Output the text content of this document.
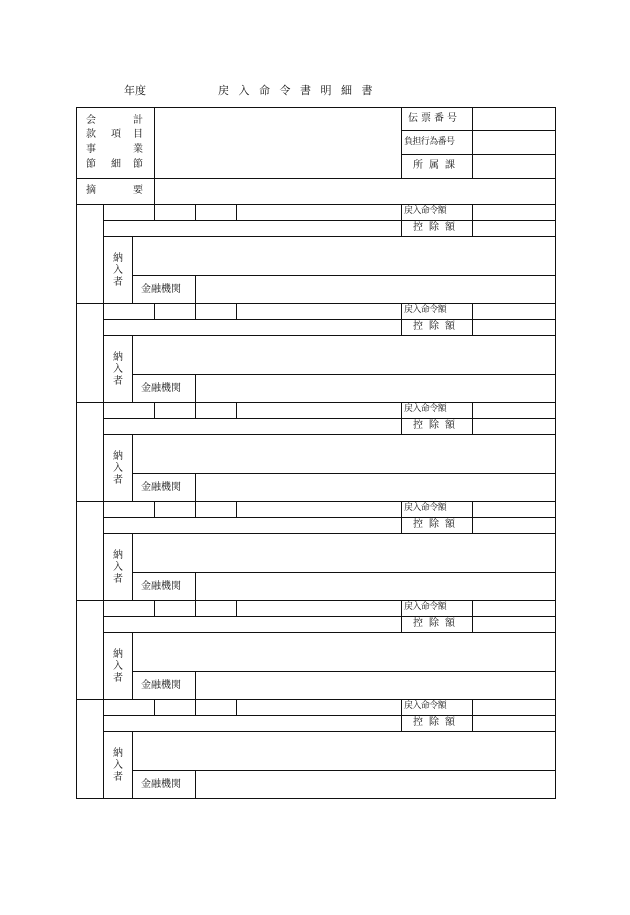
年度	戻入命令書明細書
会	計
款 項 目
事	業
節 細 節
伝票番号
負担行為番号
所属課
摘	要
戻入命令額
控除額
納入者
金融機関
戻入命令額
控除額
納入者
金融機関
戻入命令額
控除額
納入者
金融機関
戻入命令額
控除額
納入者
金融機関
戻入命令額
控除額
納入者
金融機関
戻入命令額
控除額
納入者
金融機関
